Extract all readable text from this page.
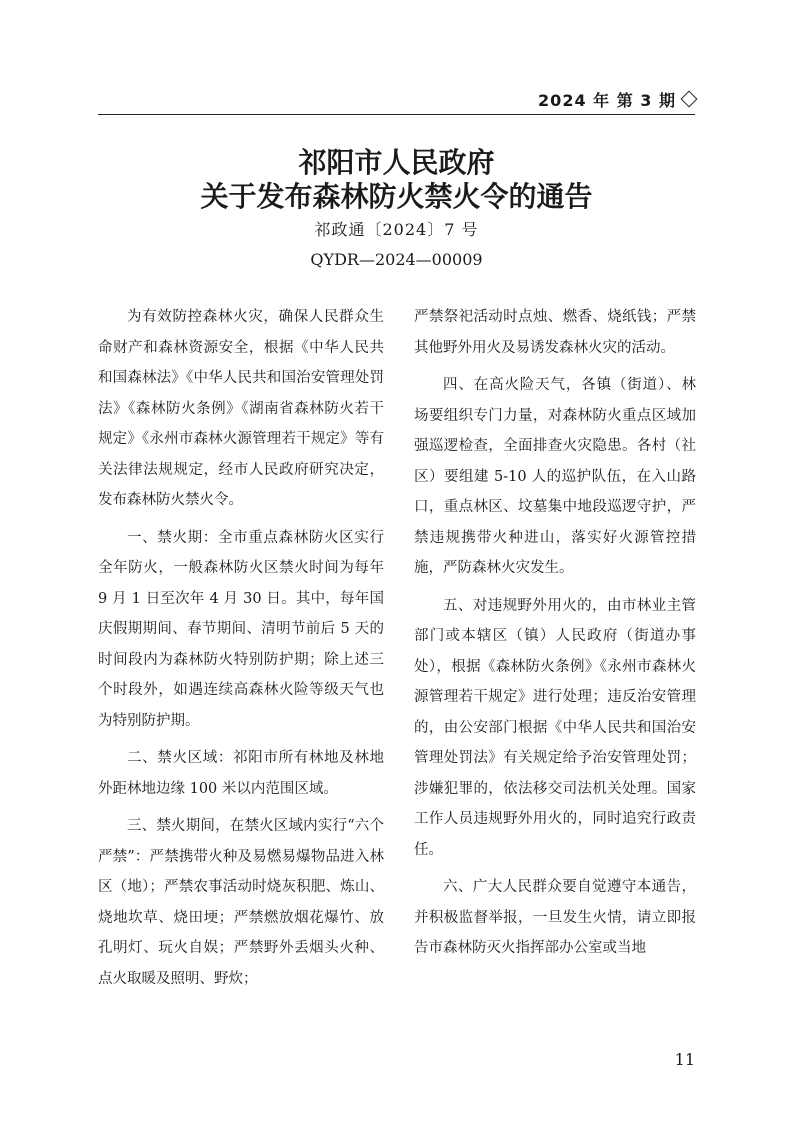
2024 年 第 3 期
祁阳市人民政府
关于发布森林防火禁火令的通告
祁政通〔2024〕7 号
QYDR—2024—00009

为有效防控森林火灾，确保人民群众生命财产和森林资源安全，根据《中华人民共和国森林法》《中华人民共和国治安管理处罚法》《森林防火条例》《湖南省森林防火若干规定》《永州市森林火源管理若干规定》等有关法律法规规定，经市人民政府研究决定，发布森林防火禁火令。

一、禁火期：全市重点森林防火区实行全年防火，一般森林防火区禁火时间为每年 9 月 1 日至次年 4 月 30 日。其中，每年国庆假期期间、春节期间、清明节前后 5 天的时间段内为森林防火特别防护期；除上述三个时段外，如遇连续高森林火险等级天气也为特别防护期。

二、禁火区域：祁阳市所有林地及林地外距林地边缘 100 米以内范围区域。

三、禁火期间，在禁火区域内实行“六个严禁”：严禁携带火种及易燃易爆物品进入林区（地）；严禁农事活动时烧灰积肥、炼山、烧地坎草、烧田埂；严禁燃放烟花爆竹、放孔明灯、玩火自娱；严禁野外丢烟头火种、点火取暖及照明、野炊；

严禁祭祀活动时点烛、燃香、烧纸钱；严禁其他野外用火及易诱发森林火灾的活动。

四、在高火险天气，各镇（街道）、林场要组织专门力量，对森林防火重点区域加强巡逻检查，全面排查火灾隐患。各村（社区）要组建 5-10 人的巡护队伍，在入山路口，重点林区、坟墓集中地段巡逻守护，严禁违规携带火种进山，落实好火源管控措施，严防森林火灾发生。

五、对违规野外用火的，由市林业主管部门或本辖区（镇）人民政府（街道办事处），根据《森林防火条例》《永州市森林火源管理若干规定》进行处理；违反治安管理的，由公安部门根据《中华人民共和国治安管理处罚法》有关规定给予治安管理处罚；涉嫌犯罪的，依法移交司法机关处理。国家工作人员违规野外用火的，同时追究行政责任。

六、广大人民群众要自觉遵守本通告，并积极监督举报，一旦发生火情，请立即报告市森林防灭火指挥部办公室或当地

11
